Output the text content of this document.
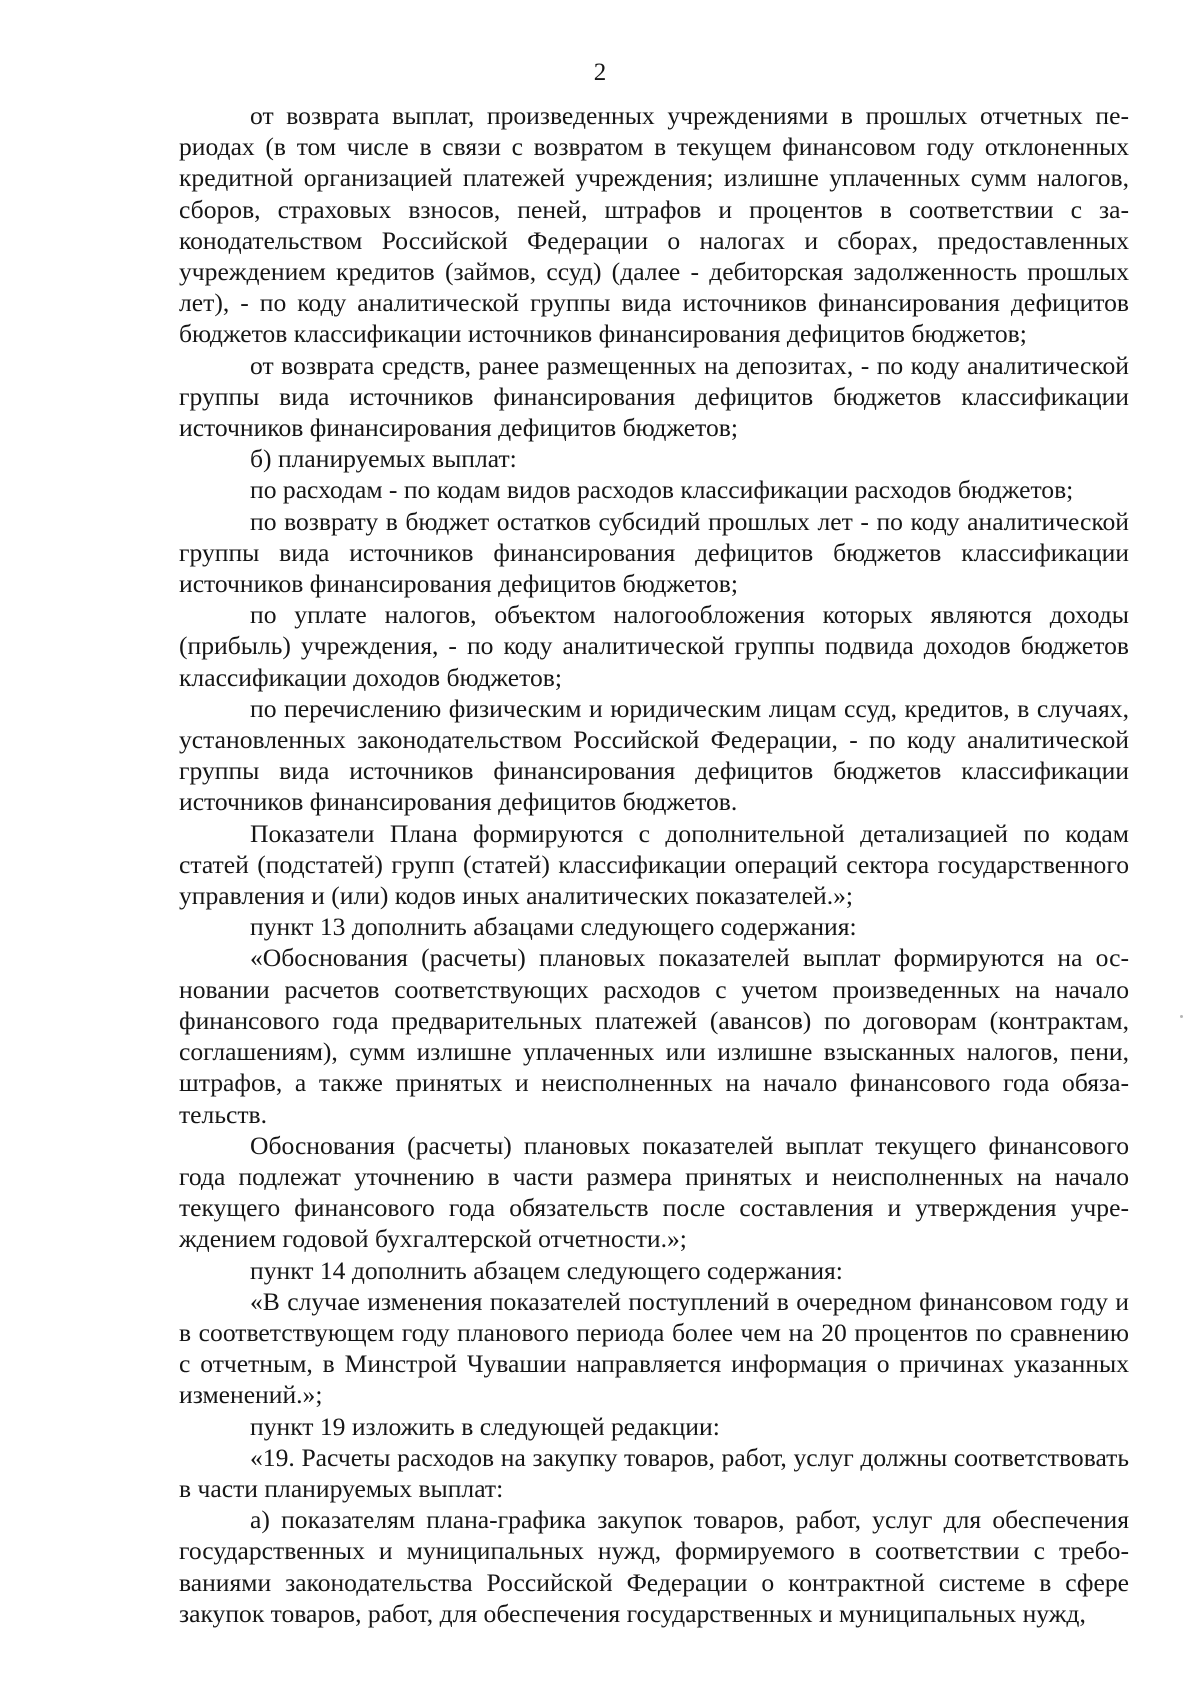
2

от возврата выплат, произведенных учреждениями в прошлых отчетных периодах (в том числе в связи с возвратом в текущем финансовом году отклоненных кредитной организацией платежей учреждения; излишне уплаченных сумм налогов, сборов, страховых взносов, пеней, штрафов и процентов в соответствии с законодательством Российской Федерации о налогах и сборах, предоставленных учреждением кредитов (займов, ссуд) (далее - дебиторская задолженность прошлых лет), - по коду аналитической группы вида источников финансирования дефицитов бюджетов классификации источников финансирования дефицитов бюджетов;

от возврата средств, ранее размещенных на депозитах, - по коду аналитической группы вида источников финансирования дефицитов бюджетов классификации источников финансирования дефицитов бюджетов;

б) планируемых выплат:

по расходам - по кодам видов расходов классификации расходов бюджетов;

по возврату в бюджет остатков субсидий прошлых лет - по коду аналитической группы вида источников финансирования дефицитов бюджетов классификации источников финансирования дефицитов бюджетов;

по уплате налогов, объектом налогообложения которых являются доходы (прибыль) учреждения, - по коду аналитической группы подвида доходов бюджетов классификации доходов бюджетов;

по перечислению физическим и юридическим лицам ссуд, кредитов, в случаях, установленных законодательством Российской Федерации, - по коду аналитической группы вида источников финансирования дефицитов бюджетов классификации источников финансирования дефицитов бюджетов.

Показатели Плана формируются с дополнительной детализацией по кодам статей (подстатей) групп (статей) классификации операций сектора государственного управления и (или) кодов иных аналитических показателей.»;

пункт 13 дополнить абзацами следующего содержания:

«Обоснования (расчеты) плановых показателей выплат формируются на основании расчетов соответствующих расходов с учетом произведенных на начало финансового года предварительных платежей (авансов) по договорам (контрактам, соглашениям), сумм излишне уплаченных или излишне взысканных налогов, пени, штрафов, а также принятых и неисполненных на начало финансового года обязательств.

Обоснования (расчеты) плановых показателей выплат текущего финансового года подлежат уточнению в части размера принятых и неисполненных на начало текущего финансового года обязательств после составления и утверждения учреждением годовой бухгалтерской отчетности.»;

пункт 14 дополнить абзацем следующего содержания:

«В случае изменения показателей поступлений в очередном финансовом году и в соответствующем году планового периода более чем на 20 процентов по сравнению с отчетным, в Минстрой Чувашии направляется информация о причинах указанных изменений.»;

пункт 19 изложить в следующей редакции:

«19. Расчеты расходов на закупку товаров, работ, услуг должны соответствовать в части планируемых выплат:

а) показателям плана-графика закупок товаров, работ, услуг для обеспечения государственных и муниципальных нужд, формируемого в соответствии с требованиями законодательства Российской Федерации о контрактной системе в сфере закупок товаров, работ, для обеспечения государственных и муниципальных нужд,
